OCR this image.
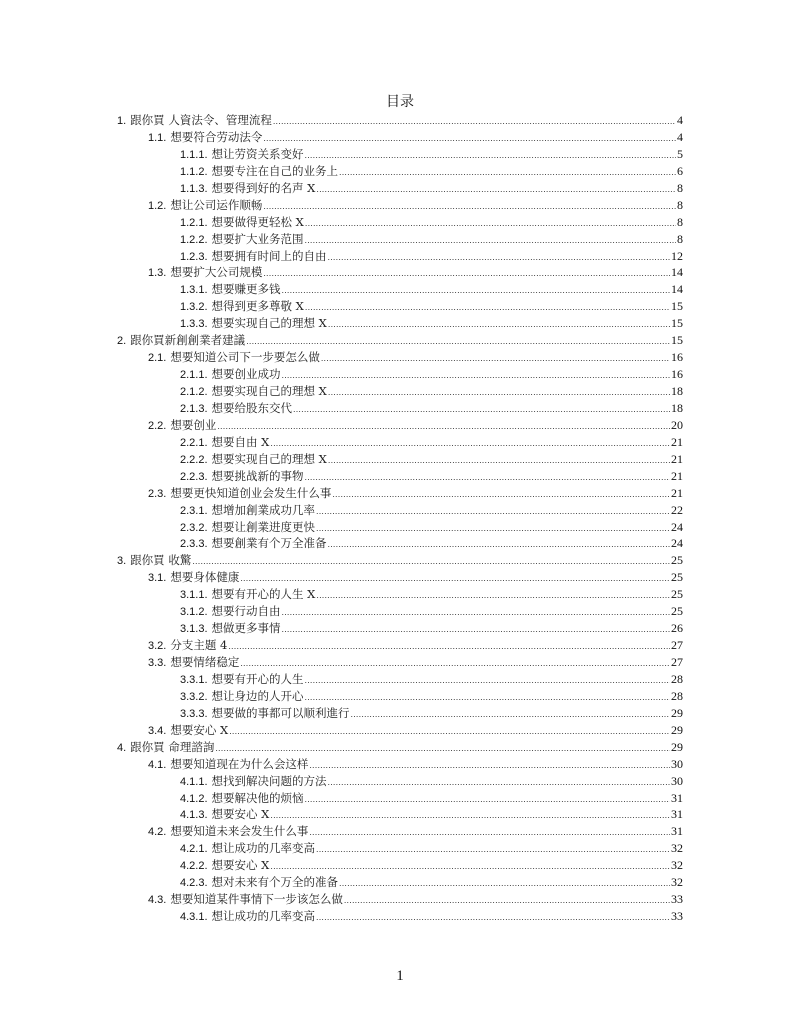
目录
1. 跟你買 人資法令、管理流程 .....	4
1.1. 想要符合劳动法令 .....	4
1.1.1. 想让劳资关系变好 .....	5
1.1.2. 想要专注在自己的业务上 .....	6
1.1.3. 想要得到好的名声 X .....	8
1.2. 想让公司运作顺畅 .....	8
1.2.1. 想要做得更轻松 X .....	8
1.2.2. 想要扩大业务范围 .....	8
1.2.3. 想要拥有时间上的自由 .....	12
1.3. 想要扩大公司规模 .....	14
1.3.1. 想要赚更多钱 .....	14
1.3.2. 想得到更多尊敬 X .....	15
1.3.3. 想要实现自己的理想 X .....	15
2. 跟你買新創創業者建議 .....	15
2.1. 想要知道公司下一步要怎么做 .....	16
2.1.1. 想要创业成功 .....	16
2.1.2. 想要实现自己的理想 X .....	18
2.1.3. 想要给股东交代 .....	18
2.2. 想要创业 .....	20
2.2.1. 想要自由 X .....	21
2.2.2. 想要实现自己的理想 X .....	21
2.2.3. 想要挑战新的事物 .....	21
2.3. 想要更快知道创业会发生什么事 .....	21
2.3.1. 想增加創業成功几率 .....	22
2.3.2. 想要让創業进度更快 .....	24
2.3.3. 想要創業有个万全准备 .....	24
3. 跟你買 收驚 .....	25
3.1. 想要身体健康 .....	25
3.1.1. 想要有开心的人生 X .....	25
3.1.2. 想要行动自由 .....	25
3.1.3. 想做更多事情 .....	26
3.2. 分支主题 4 .....	27
3.3. 想要情绪稳定 .....	27
3.3.1. 想要有开心的人生 .....	28
3.3.2. 想让身边的人开心 .....	28
3.3.3. 想要做的事都可以顺利進行 .....	29
3.4. 想要安心 X .....	29
4. 跟你買 命理諮詢 .....	29
4.1. 想要知道现在为什么会这样 .....	30
4.1.1. 想找到解决问题的方法 .....	30
4.1.2. 想要解决他的烦恼 .....	31
4.1.3. 想要安心 X .....	31
4.2. 想要知道未来会发生什么事 .....	31
4.2.1. 想让成功的几率变高 .....	32
4.2.2. 想要安心 X .....	32
4.2.3. 想对未来有个万全的准备 .....	32
4.3. 想要知道某件事情下一步该怎么做 .....	33
4.3.1. 想让成功的几率变高 .....	33
1
